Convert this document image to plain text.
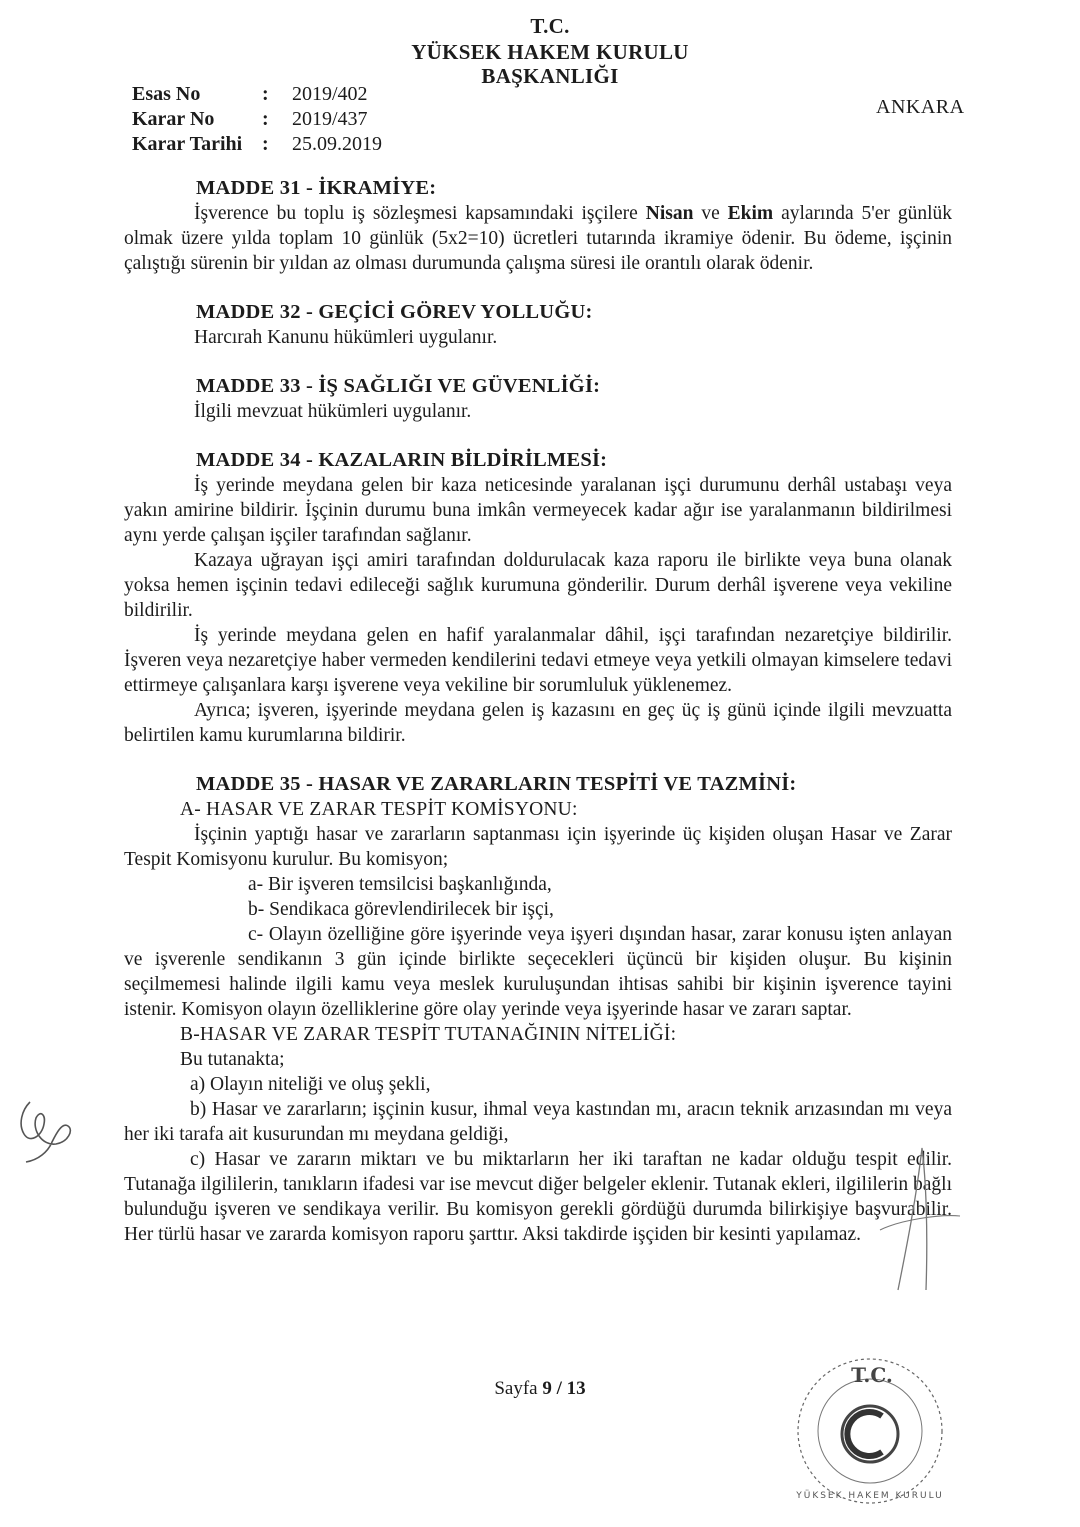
T.C.
YÜKSEK HAKEM KURULU
BAŞKANLIĞI
Esas No	:	2019/402
Karar No	:	2019/437
Karar Tarihi :	25.09.2019
ANKARA
MADDE 31 - İKRAMİYE:

İşverence bu toplu iş sözleşmesi kapsamındaki işçilere Nisan ve Ekim aylarında 5'er günlük olmak üzere yılda toplam 10 günlük (5x2=10) ücretleri tutarında ikramiye ödenir. Bu ödeme, işçinin çalıştığı sürenin bir yıldan az olması durumunda çalışma süresi ile orantılı olarak ödenir.

MADDE 32 - GEÇİCİ GÖREV YOLLUĞU:

Harcırah Kanunu hükümleri uygulanır.

MADDE 33 - İŞ SAĞLIĞI VE GÜVENLİĞİ:

İlgili mevzuat hükümleri uygulanır.

MADDE 34 - KAZALARIN BİLDİRİLMESİ:

İş yerinde meydana gelen bir kaza neticesinde yaralanan işçi durumunu derhâl ustabaşı veya yakın amirine bildirir. İşçinin durumu buna imkân vermeyecek kadar ağır ise yaralanmanın bildirilmesi aynı yerde çalışan işçiler tarafından sağlanır.

Kazaya uğrayan işçi amiri tarafından doldurulacak kaza raporu ile birlikte veya buna olanak yoksa hemen işçinin tedavi edileceği sağlık kurumuna gönderilir. Durum derhâl işverene veya vekiline bildirilir.

İş yerinde meydana gelen en hafif yaralanmalar dâhil, işçi tarafından nezaretçiye bildirilir. İşveren veya nezaretçiye haber vermeden kendilerini tedavi etmeye veya yetkili olmayan kimselere tedavi ettirmeye çalışanlara karşı işverene veya vekiline bir sorumluluk yüklenemez.

Ayrıca; işveren, işyerinde meydana gelen iş kazasını en geç üç iş günü içinde ilgili mevzuatta belirtilen kamu kurumlarına bildirir.

MADDE 35 - HASAR VE ZARARLARIN TESPİTİ VE TAZMİNİ:
A- HASAR VE ZARAR TESPİT KOMİSYONU:

İşçinin yaptığı hasar ve zararların saptanması için işyerinde üç kişiden oluşan Hasar ve Zarar Tespit Komisyonu kurulur. Bu komisyon;

a- Bir işveren temsilcisi başkanlığında,

b- Sendikaca görevlendirilecek bir işçi,

c- Olayın özelliğine göre işyerinde veya işyeri dışından hasar, zarar konusu işten anlayan ve işverenle sendikanın 3 gün içinde birlikte seçecekleri üçüncü bir kişiden oluşur. Bu kişinin seçilmemesi halinde ilgili kamu veya meslek kuruluşundan ihtisas sahibi bir kişinin işverence tayini istenir. Komisyon olayın özelliklerine göre olay yerinde veya işyerinde hasar ve zararı saptar.

B-HASAR VE ZARAR TESPİT TUTANAĞININ NİTELİĞİ:

Bu tutanakta;

a) Olayın niteliği ve oluş şekli,

b) Hasar ve zararların; işçinin kusur, ihmal veya kastından mı, aracın teknik arızasından mı veya her iki tarafa ait kusurundan mı meydana geldiği,

c) Hasar ve zararın miktarı ve bu miktarların her iki taraftan ne kadar olduğu tespit edilir. Tutanağa ilgililerin, tanıkların ifadesi var ise mevcut diğer belgeler eklenir. Tutanak ekleri, ilgililerin bağlı bulunduğu işveren ve sendikaya verilir. Bu komisyon gerekli gördüğü durumda bilirkişiye başvurabilir. Her türlü hasar ve zararda komisyon raporu şarttır. Aksi takdirde işçiden bir kesinti yapılamaz.

Sayfa 9 / 13
T.C.
YÜKSEK HAKEM KURULU
